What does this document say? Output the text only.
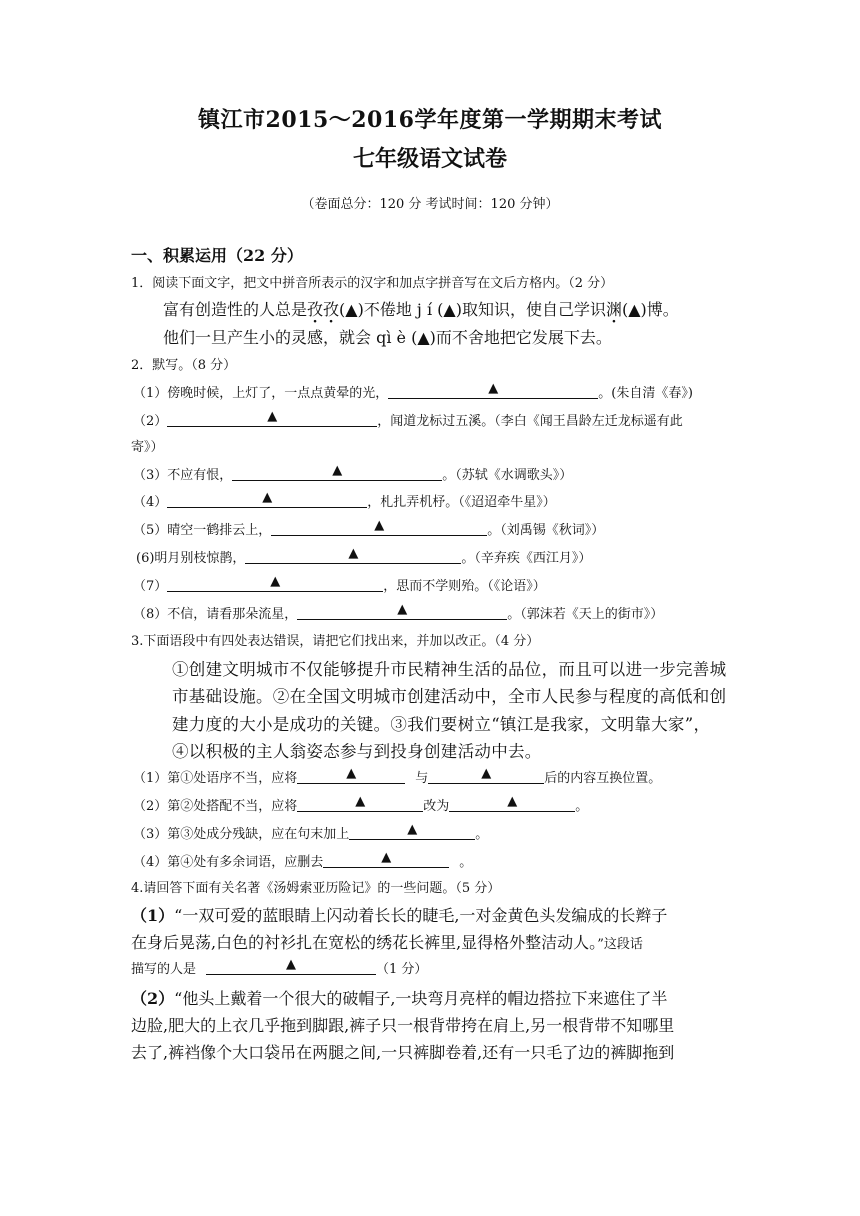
镇江市2015～2016学年度第一学期期末考试
七年级语文试卷
（卷面总分：120 分 考试时间：120 分钟）
一、积累运用（22 分）
1．阅读下面文字，把文中拼音所表示的汉字和加点字拼音写在文后方格内。（2 分）
富有创造性的人总是孜孜(▲)不倦地 j í (▲)取知识，使自己学识渊(▲)博。
他们一旦产生小的灵感，就会 qì è (▲)而不舍地把它发展下去。
2．默写。（8 分）
（1）傍晚时候，上灯了，一点点黄晕的光，	▲	。(朱自清《春》)
（2）	▲	，闻道龙标过五溪。（李白《闻王昌龄左迁龙标遥有此
寄》）
（3）不应有恨，	▲	。（苏轼《水调歌头》）
（4）	▲	，札扎弄机杼。（《迢迢牵牛星》）
（5）晴空一鹤排云上，	▲	。（刘禹锡《秋词》）
(6)明月别枝惊鹊，	▲	。（辛弃疾《西江月》）
（7）	▲	，思而不学则殆。（《论语》）
（8）不信，请看那朵流星，	▲	。（郭沫若《天上的街市》）
3.下面语段中有四处表达错误，请把它们找出来，并加以改正。（4 分）
①创建文明城市不仅能够提升市民精神生活的品位，而且可以进一步完善城
市基础设施。②在全国文明城市创建活动中，全市人民参与程度的高低和创
建力度的大小是成功的关键。③我们要树立“镇江是我家，文明靠大家”，
④以积极的主人翁姿态参与到投身创建活动中去。
（1）第①处语序不当，应将	▲	与	▲	后的内容互换位置。
（2）第②处搭配不当，应将	▲	改为	▲	。
（3）第③处成分残缺，应在句末加上	▲	。
（4）第④处有多余词语，应删去	▲	。
4.请回答下面有关名著《汤姆索亚历险记》的一些问题。（5 分）
（1）“一双可爱的蓝眼睛上闪动着长长的睫毛,一对金黄色头发编成的长辫子
在身后晃荡,白色的衬衫扎在宽松的绣花长裤里,显得格外整洁动人。”这段话
描写的人是	▲	（1 分）
（2）“他头上戴着一个很大的破帽子,一块弯月亮样的帽边搭拉下来遮住了半
边脸,肥大的上衣几乎拖到脚跟,裤子只一根背带挎在肩上,另一根背带不知哪里
去了,裤裆像个大口袋吊在两腿之间,一只裤脚卷着,还有一只毛了边的裤脚拖到
